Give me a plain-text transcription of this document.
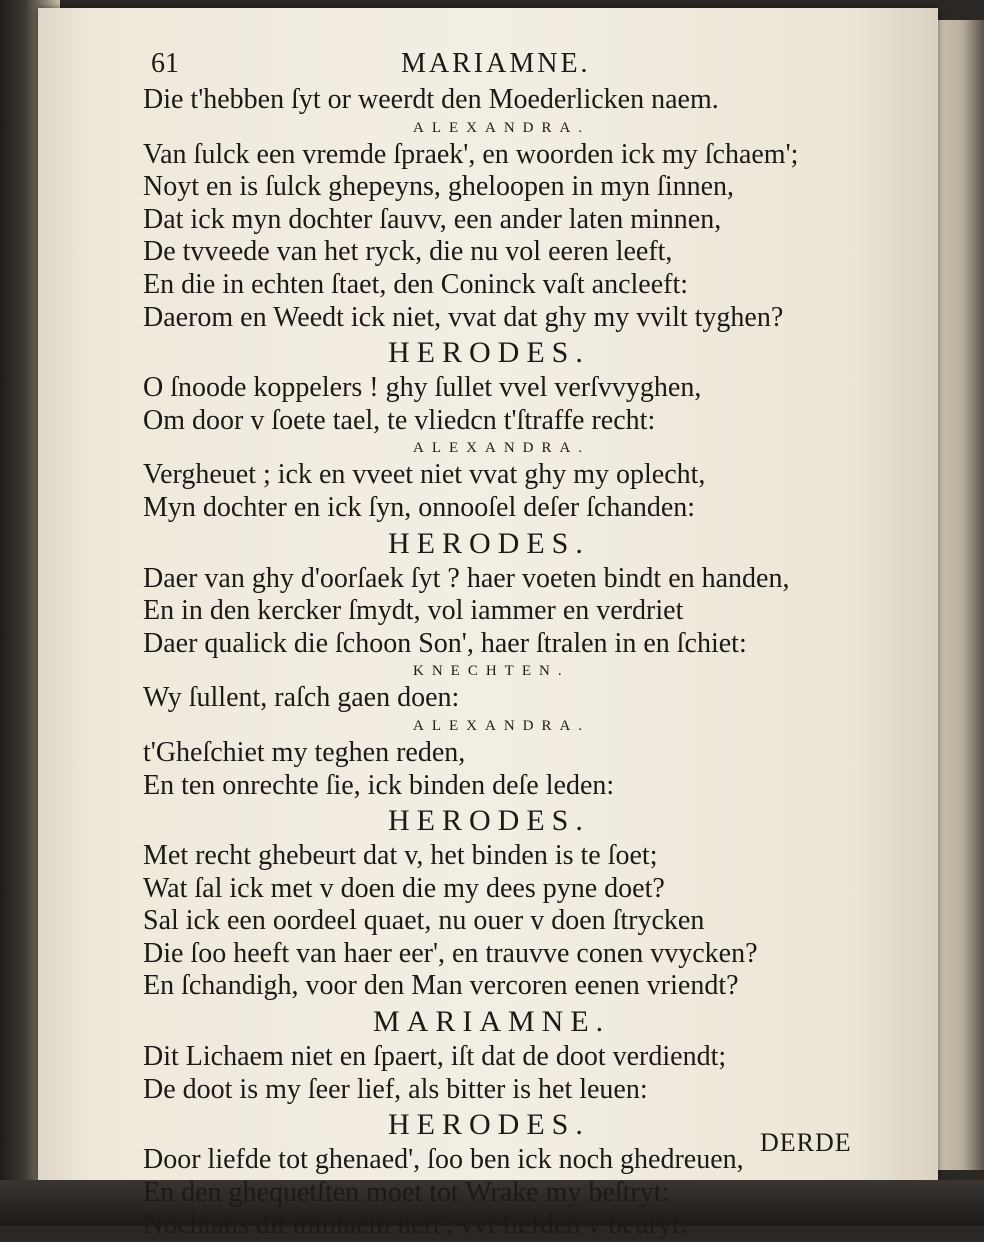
61	MARIAMNE.
Die t'hebben ſyt or weerdt den Moederlicken naem.
ALEXANDRA.
Van ſulck een vremde ſpraek', en woorden ick my ſchaem';
Noyt en is ſulck ghepeyns, gheloopen in myn ſinnen,
Dat ick myn dochter ſauvv, een ander laten minnen,
De tvveede van het ryck, die nu vol eeren leeft,
En die in echten ſtaet, den Coninck vaſt ancleeft:
Daerom en Weedt ick niet, vvat dat ghy my vvilt tyghen?
HERODES.
O ſnoode koppelers ! ghy ſullet vvel verſvvyghen,
Om door v ſoete tael, te vliedcn t'ſtraffe recht:
ALEXANDRA.
Vergheuet ; ick en vveet niet vvat ghy my oplecht,
Myn dochter en ick ſyn, onnooſel deſer ſchanden:
HERODES.
Daer van ghy d'oorſaek ſyt ? haer voeten bindt en handen,
En in den kercker ſmydt, vol iammer en verdriet
Daer qualick die ſchoon Son', haer ſtralen in en ſchiet:
KNECHTEN.
Wy ſullent, raſch gaen doen:
ALEXANDRA.
t'Gheſchiet my teghen reden,
En ten onrechte ſie, ick binden deſe leden:
HERODES.
Met recht ghebeurt dat v, het binden is te ſoet;
Wat ſal ick met v doen die my dees pyne doet?
Sal ick een oordeel quaet, nu ouer v doen ſtrycken
Die ſoo heeft van haer eer', en trauvve conen vvycken?
En ſchandigh, voor den Man vercoren eenen vriendt?
MARIAMNE.
Dit Lichaem niet en ſpaert, iſt dat de doot verdiendt;
De doot is my ſeer lief, als bitter is het leuen:
HERODES.
Door liefde tot ghenaed', ſoo ben ick noch ghedreuen,
En den ghequetſten moet tot Wrake my beſtryt:
Nochtans dit minſaem hert', vvt liefden v beuryt.
DERDE
